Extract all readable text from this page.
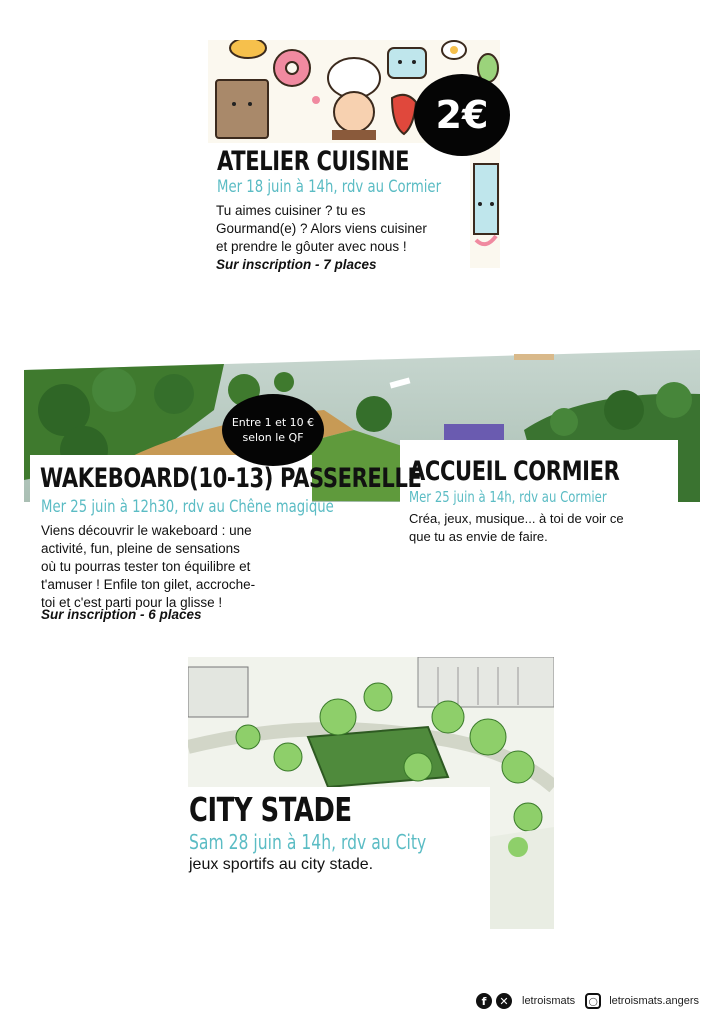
2€
ATELIER CUISINE
Mer 18 juin à 14h, rdv au Cormier
Tu aimes cuisiner ? tu es
Gourmand(e) ? Alors viens cuisiner
et prendre le gôuter avec nous !
Sur inscription - 7 places
Entre 1 et 10 €
selon le QF
WAKEBOARD(10-13) PASSERELLE
Mer 25 juin à 12h30, rdv au Chêne magique
Viens découvrir le wakeboard : une
activité, fun, pleine de sensations
où tu pourras tester ton équilibre et
t'amuser ! Enfile ton gilet, accroche-
toi et c'est parti pour la glisse !
Sur inscription - 6 places
ACCUEIL CORMIER
Mer 25 juin à 14h, rdv au Cormier
Créa, jeux, musique... à toi de voir ce
que tu as envie de faire.
CITY STADE
Sam 28 juin à 14h, rdv au City
jeux sportifs au city stade.
f	✕	letroismats	◯	letroismats.angers
